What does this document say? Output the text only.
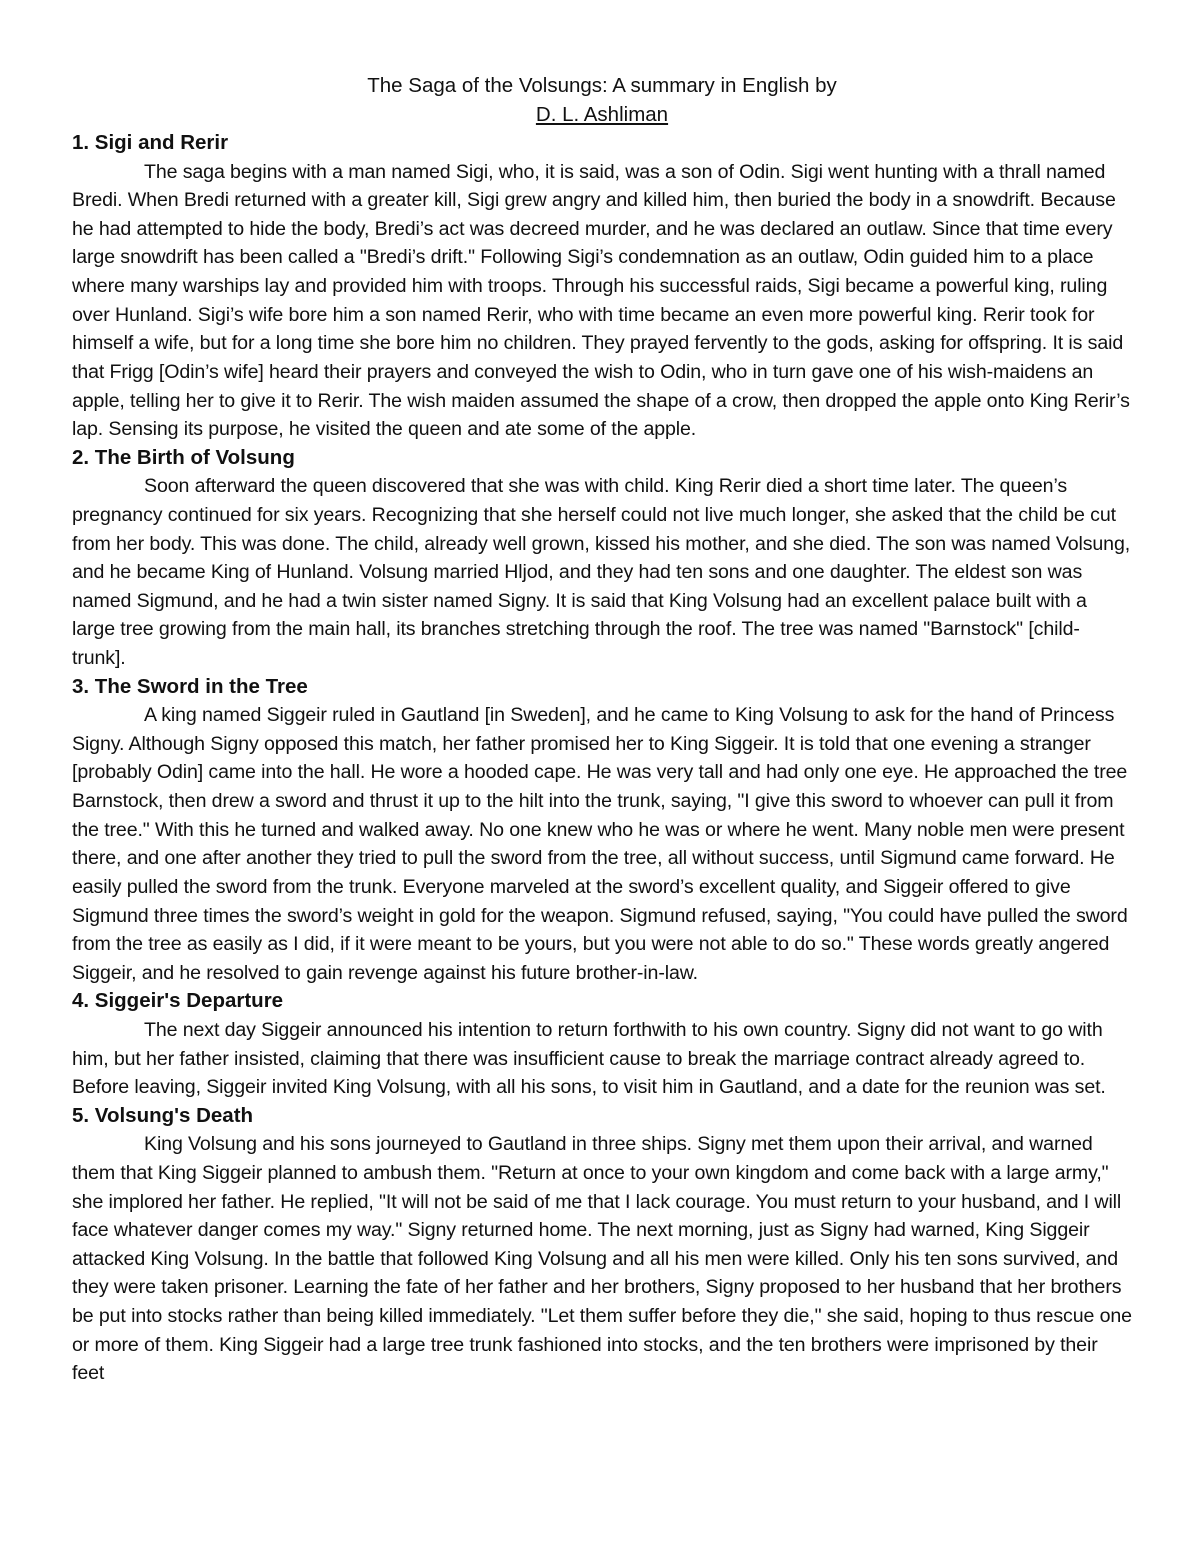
The Saga of the Volsungs: A summary in English by
D. L. Ashliman

1. Sigi and Rerir

The saga begins with a man named Sigi, who, it is said, was a son of Odin. Sigi went hunting with a thrall named Bredi. When Bredi returned with a greater kill, Sigi grew angry and killed him, then buried the body in a snowdrift. Because he had attempted to hide the body, Bredi’s act was decreed murder, and he was declared an outlaw. Since that time every large snowdrift has been called a "Bredi’s drift." Following Sigi’s condemnation as an outlaw, Odin guided him to a place where many warships lay and provided him with troops. Through his successful raids, Sigi became a powerful king, ruling over Hunland. Sigi’s wife bore him a son named Rerir, who with time became an even more powerful king. Rerir took for himself a wife, but for a long time she bore him no children. They prayed fervently to the gods, asking for offspring. It is said that Frigg [Odin’s wife] heard their prayers and conveyed the wish to Odin, who in turn gave one of his wish-maidens an apple, telling her to give it to Rerir. The wish maiden assumed the shape of a crow, then dropped the apple onto King Rerir’s lap. Sensing its purpose, he visited the queen and ate some of the apple.

2. The Birth of Volsung

Soon afterward the queen discovered that she was with child. King Rerir died a short time later. The queen’s pregnancy continued for six years. Recognizing that she herself could not live much longer, she asked that the child be cut from her body. This was done. The child, already well grown, kissed his mother, and she died. The son was named Volsung, and he became King of Hunland. Volsung married Hljod, and they had ten sons and one daughter. The eldest son was named Sigmund, and he had a twin sister named Signy. It is said that King Volsung had an excellent palace built with a large tree growing from the main hall, its branches stretching through the roof. The tree was named "Barnstock" [child-trunk].

3. The Sword in the Tree

A king named Siggeir ruled in Gautland [in Sweden], and he came to King Volsung to ask for the hand of Princess Signy. Although Signy opposed this match, her father promised her to King Siggeir. It is told that one evening a stranger [probably Odin] came into the hall. He wore a hooded cape. He was very tall and had only one eye. He approached the tree Barnstock, then drew a sword and thrust it up to the hilt into the trunk, saying, "I give this sword to whoever can pull it from the tree." With this he turned and walked away. No one knew who he was or where he went. Many noble men were present there, and one after another they tried to pull the sword from the tree, all without success, until Sigmund came forward. He easily pulled the sword from the trunk. Everyone marveled at the sword’s excellent quality, and Siggeir offered to give Sigmund three times the sword’s weight in gold for the weapon. Sigmund refused, saying, "You could have pulled the sword from the tree as easily as I did, if it were meant to be yours, but you were not able to do so." These words greatly angered Siggeir, and he resolved to gain revenge against his future brother-in-law.

4. Siggeir's Departure

The next day Siggeir announced his intention to return forthwith to his own country. Signy did not want to go with him, but her father insisted, claiming that there was insufficient cause to break the marriage contract already agreed to. Before leaving, Siggeir invited King Volsung, with all his sons, to visit him in Gautland, and a date for the reunion was set.

5. Volsung's Death

King Volsung and his sons journeyed to Gautland in three ships. Signy met them upon their arrival, and warned them that King Siggeir planned to ambush them. "Return at once to your own kingdom and come back with a large army," she implored her father. He replied, "It will not be said of me that I lack courage. You must return to your husband, and I will face whatever danger comes my way." Signy returned home. The next morning, just as Signy had warned, King Siggeir attacked King Volsung. In the battle that followed King Volsung and all his men were killed. Only his ten sons survived, and they were taken prisoner. Learning the fate of her father and her brothers, Signy proposed to her husband that her brothers be put into stocks rather than being killed immediately. "Let them suffer before they die," she said, hoping to thus rescue one or more of them. King Siggeir had a large tree trunk fashioned into stocks, and the ten brothers were imprisoned by their feet
